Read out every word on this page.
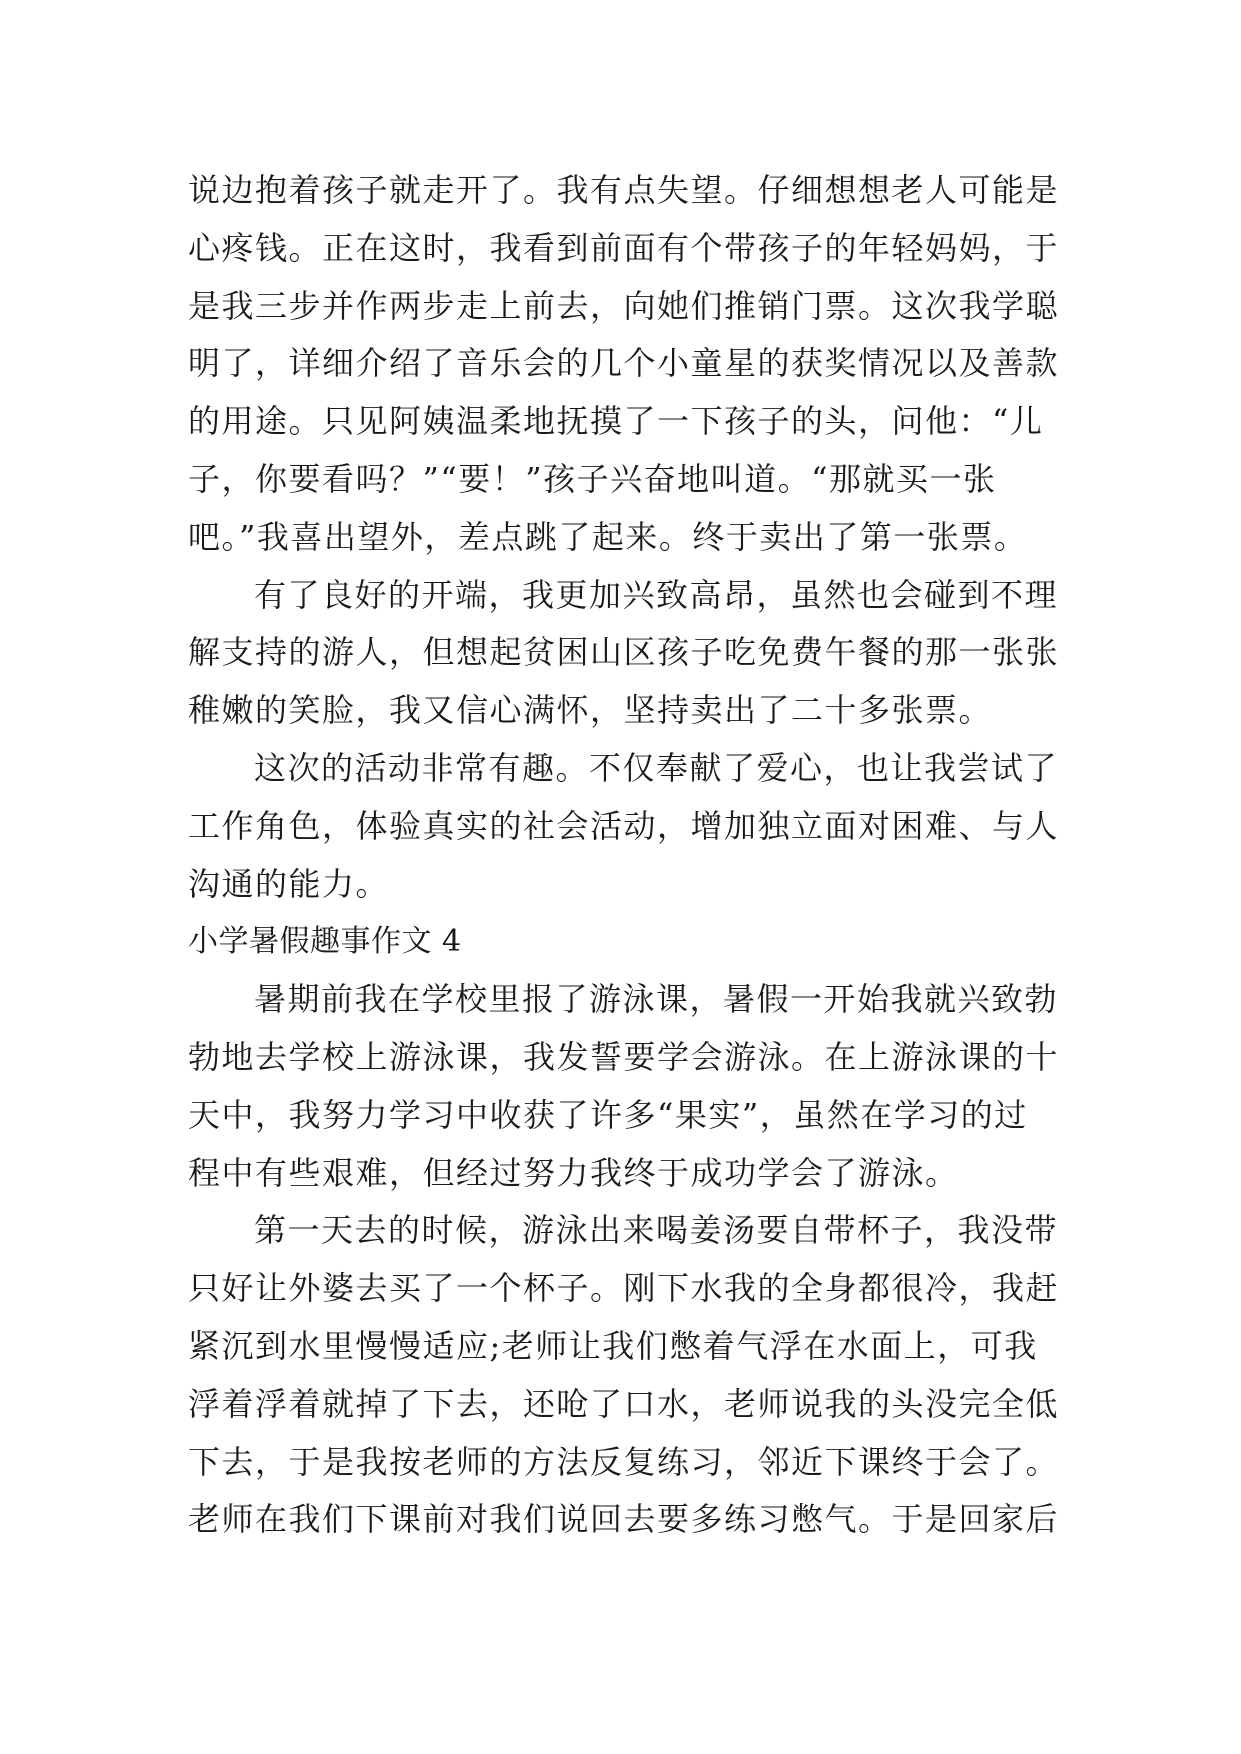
说边抱着孩子就走开了。我有点失望。仔细想想老人可能是
心疼钱。正在这时，我看到前面有个带孩子的年轻妈妈，于
是我三步并作两步走上前去，向她们推销门票。这次我学聪
明了，详细介绍了音乐会的几个小童星的获奖情况以及善款
的用途。只见阿姨温柔地抚摸了一下孩子的头，问他：“儿
子，你要看吗？”“要！”孩子兴奋地叫道。“那就买一张
吧。”我喜出望外，差点跳了起来。终于卖出了第一张票。
有了良好的开端，我更加兴致高昂，虽然也会碰到不理
解支持的游人，但想起贫困山区孩子吃免费午餐的那一张张
稚嫩的笑脸，我又信心满怀，坚持卖出了二十多张票。
这次的活动非常有趣。不仅奉献了爱心，也让我尝试了
工作角色，体验真实的社会活动，增加独立面对困难、与人
沟通的能力。
小学暑假趣事作文 4
暑期前我在学校里报了游泳课，暑假一开始我就兴致勃
勃地去学校上游泳课，我发誓要学会游泳。在上游泳课的十
天中，我努力学习中收获了许多“果实”，虽然在学习的过
程中有些艰难，但经过努力我终于成功学会了游泳。
第一天去的时候，游泳出来喝姜汤要自带杯子，我没带
只好让外婆去买了一个杯子。刚下水我的全身都很冷，我赶
紧沉到水里慢慢适应;老师让我们憋着气浮在水面上，可我
浮着浮着就掉了下去，还呛了口水，老师说我的头没完全低
下去，于是我按老师的方法反复练习，邻近下课终于会了。
老师在我们下课前对我们说回去要多练习憋气。于是回家后
